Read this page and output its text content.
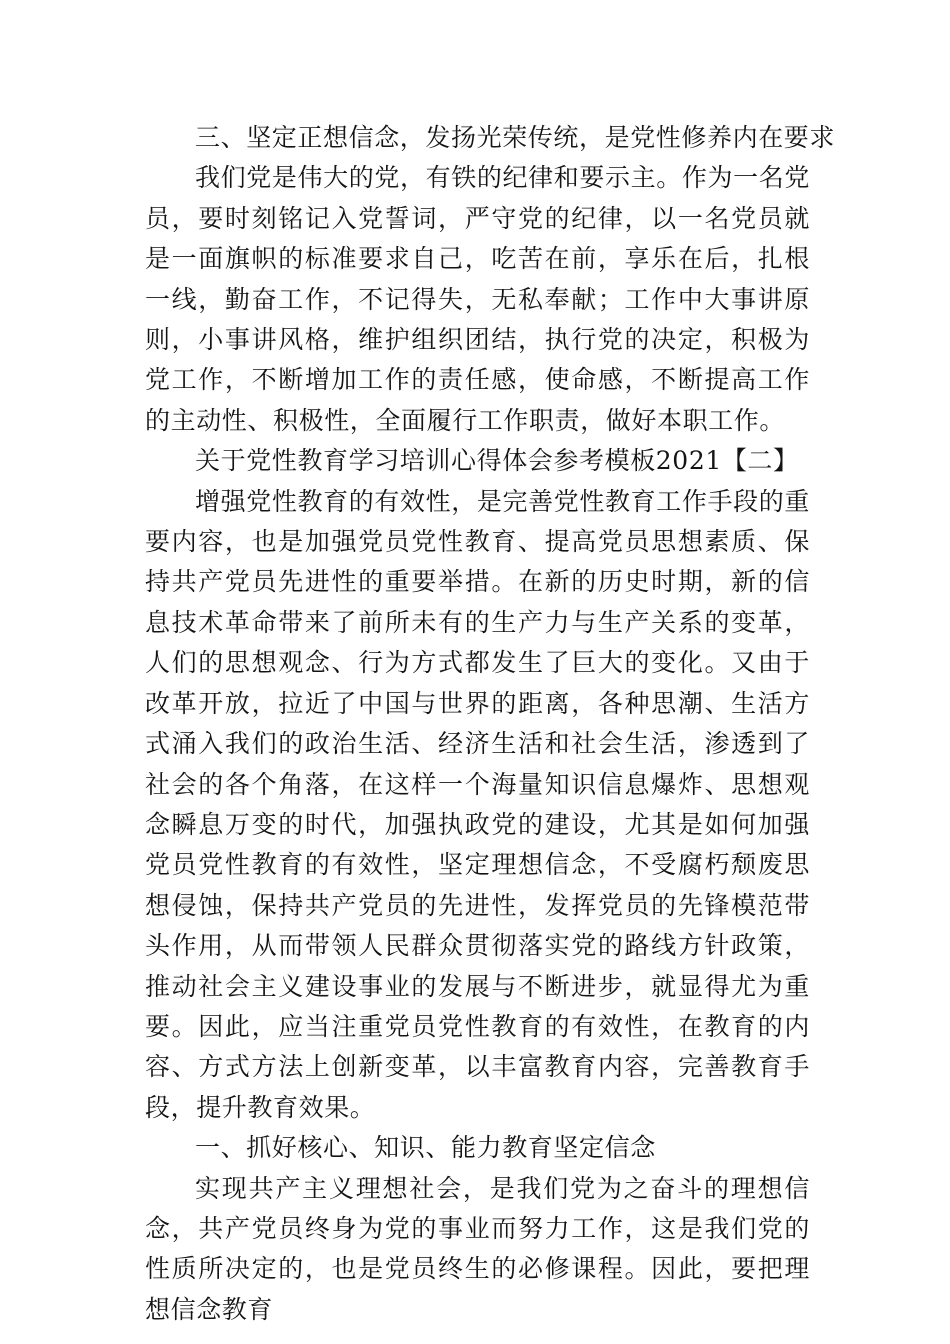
三、坚定正想信念，发扬光荣传统，是党性修养内在要求

我们党是伟大的党，有铁的纪律和要示主。作为一名党员，要时刻铭记入党誓词，严守党的纪律，以一名党员就是一面旗帜的标准要求自己，吃苦在前，享乐在后，扎根一线，勤奋工作，不记得失，无私奉献；工作中大事讲原则，小事讲风格，维护组织团结，执行党的决定，积极为党工作，不断增加工作的责任感，使命感，不断提高工作的主动性、积极性，全面履行工作职责，做好本职工作。

关于党性教育学习培训心得体会参考模板2021【二】

增强党性教育的有效性，是完善党性教育工作手段的重要内容，也是加强党员党性教育、提高党员思想素质、保持共产党员先进性的重要举措。在新的历史时期，新的信息技术革命带来了前所未有的生产力与生产关系的变革，人们的思想观念、行为方式都发生了巨大的变化。又由于改革开放，拉近了中国与世界的距离，各种思潮、生活方式涌入我们的政治生活、经济生活和社会生活，渗透到了社会的各个角落，在这样一个海量知识信息爆炸、思想观念瞬息万变的时代，加强执政党的建设，尤其是如何加强党员党性教育的有效性，坚定理想信念，不受腐朽颓废思想侵蚀，保持共产党员的先进性，发挥党员的先锋模范带头作用，从而带领人民群众贯彻落实党的路线方针政策，推动社会主义建设事业的发展与不断进步，就显得尤为重要。因此，应当注重党员党性教育的有效性，在教育的内容、方式方法上创新变革，以丰富教育内容，完善教育手段，提升教育效果。

一、抓好核心、知识、能力教育坚定信念

实现共产主义理想社会，是我们党为之奋斗的理想信念，共产党员终身为党的事业而努力工作，这是我们党的性质所决定的，也是党员终生的必修课程。因此，要把理想信念教育
